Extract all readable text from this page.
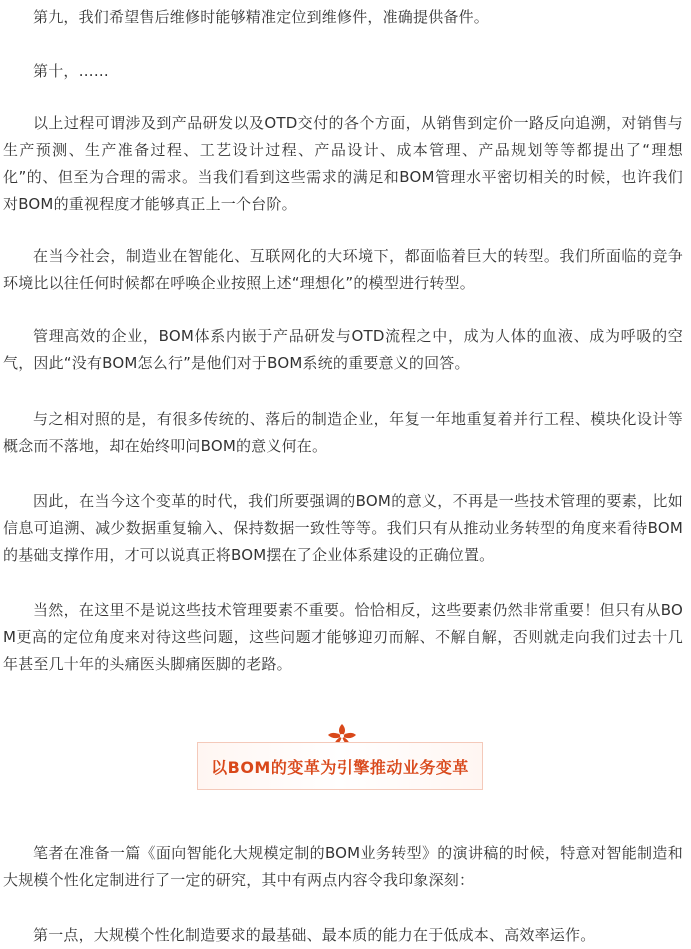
第九，我们希望售后维修时能够精准定位到维修件，准确提供备件。

第十，……

以上过程可谓涉及到产品研发以及OTD交付的各个方面，从销售到定价一路反向追溯，对销售与生产预测、生产准备过程、工艺设计过程、产品设计、成本管理、产品规划等等都提出了“理想化”的、但至为合理的需求。当我们看到这些需求的满足和BOM管理水平密切相关的时候，也许我们对BOM的重视程度才能够真正上一个台阶。

在当今社会，制造业在智能化、互联网化的大环境下，都面临着巨大的转型。我们所面临的竞争环境比以往任何时候都在呼唤企业按照上述“理想化”的模型进行转型。

管理高效的企业，BOM体系内嵌于产品研发与OTD流程之中，成为人体的血液、成为呼吸的空气，因此“没有BOM怎么行”是他们对于BOM系统的重要意义的回答。

与之相对照的是，有很多传统的、落后的制造企业，年复一年地重复着并行工程、模块化设计等概念而不落地，却在始终叩问BOM的意义何在。

因此，在当今这个变革的时代，我们所要强调的BOM的意义，不再是一些技术管理的要素，比如信息可追溯、减少数据重复输入、保持数据一致性等等。我们只有从推动业务转型的角度来看待BOM的基础支撑作用，才可以说真正将BOM摆在了企业体系建设的正确位置。

当然，在这里不是说这些技术管理要素不重要。恰恰相反，这些要素仍然非常重要！但只有从BOM更高的定位角度来对待这些问题，这些问题才能够迎刃而解、不解自解，否则就走向我们过去十几年甚至几十年的头痛医头脚痛医脚的老路。

以BOM的变革为引擎推动业务变革

笔者在准备一篇《面向智能化大规模定制的BOM业务转型》的演讲稿的时候，特意对智能制造和大规模个性化定制进行了一定的研究，其中有两点内容令我印象深刻：

第一点，大规模个性化制造要求的最基础、最本质的能力在于低成本、高效率运作。
